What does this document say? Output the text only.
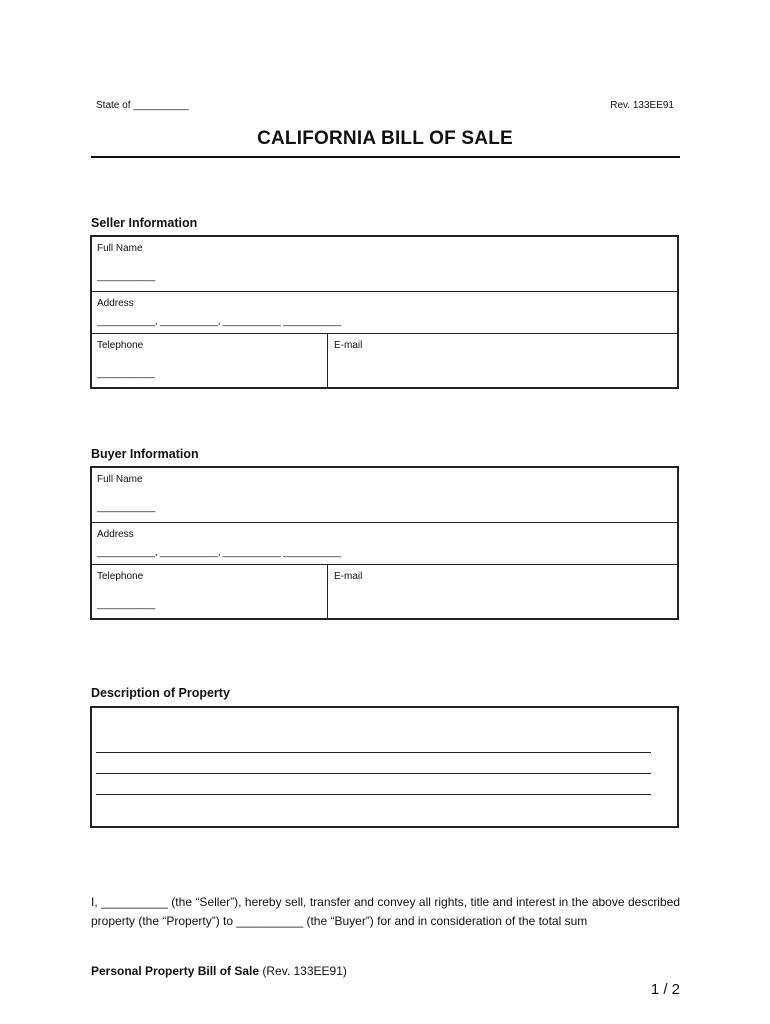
State of __________	Rev. 133EE91
CALIFORNIA BILL OF SALE
Seller Information
Full Name
___________
Address
___________, ___________, ___________ ___________
Telephone
___________
E-mail
Buyer Information
Full Name
___________
Address
___________, ___________, ___________ ___________
Telephone
___________
E-mail
Description of Property
I, __________ (the “Seller”), hereby sell, transfer and convey all rights, title and interest in the above described property (the “Property”) to __________ (the “Buyer”) for and in consideration of the total sum
Personal Property Bill of Sale (Rev. 133EE91)
1 / 2
